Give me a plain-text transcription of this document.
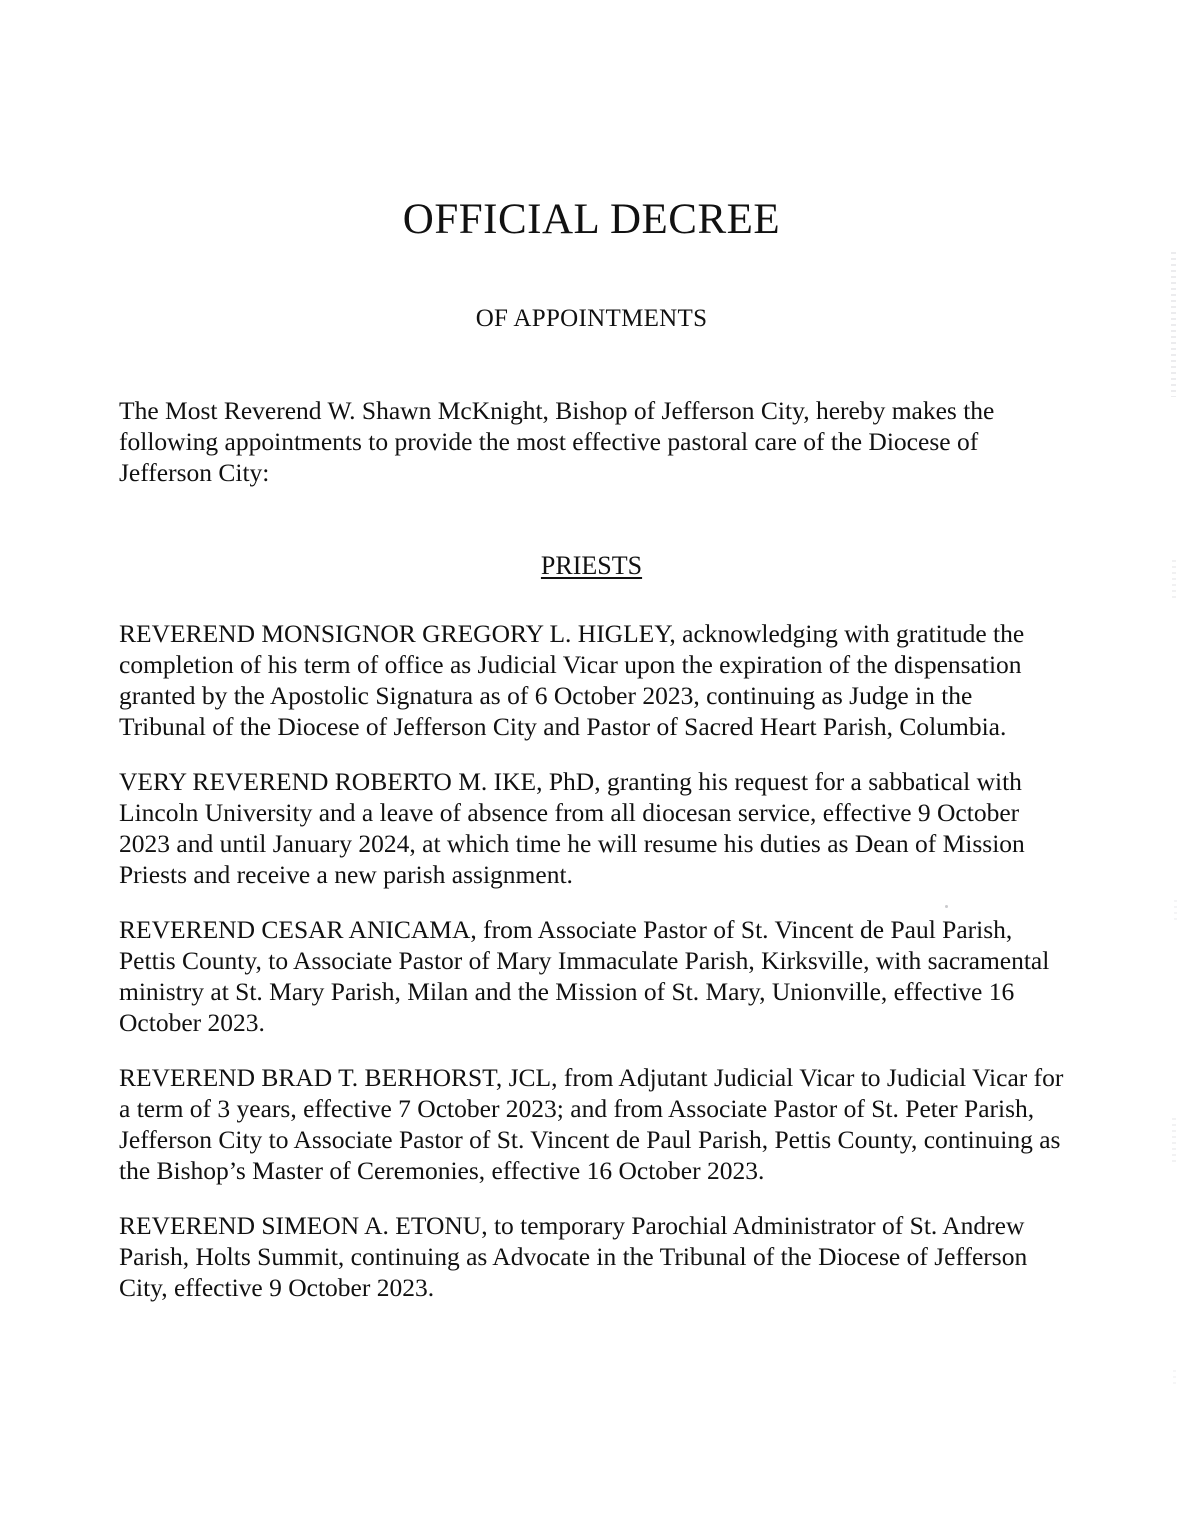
OFFICIAL DECREE
OF APPOINTMENTS

The Most Reverend W. Shawn McKnight, Bishop of Jefferson City, hereby makes the following appointments to provide the most effective pastoral care of the Diocese of Jefferson City:

PRIESTS

REVEREND MONSIGNOR GREGORY L. HIGLEY, acknowledging with gratitude the completion of his term of office as Judicial Vicar upon the expiration of the dispensation granted by the Apostolic Signatura as of 6 October 2023, continuing as Judge in the Tribunal of the Diocese of Jefferson City and Pastor of Sacred Heart Parish, Columbia.

VERY REVEREND ROBERTO M. IKE, PhD, granting his request for a sabbatical with Lincoln University and a leave of absence from all diocesan service, effective 9 October 2023 and until January 2024, at which time he will resume his duties as Dean of Mission Priests and receive a new parish assignment.

REVEREND CESAR ANICAMA, from Associate Pastor of St. Vincent de Paul Parish, Pettis County, to Associate Pastor of Mary Immaculate Parish, Kirksville, with sacramental ministry at St. Mary Parish, Milan and the Mission of St. Mary, Unionville, effective 16 October 2023.

REVEREND BRAD T. BERHORST, JCL, from Adjutant Judicial Vicar to Judicial Vicar for a term of 3 years, effective 7 October 2023; and from Associate Pastor of St. Peter Parish, Jefferson City to Associate Pastor of St. Vincent de Paul Parish, Pettis County, continuing as the Bishop’s Master of Ceremonies, effective 16 October 2023.

REVEREND SIMEON A. ETONU, to temporary Parochial Administrator of St. Andrew Parish, Holts Summit, continuing as Advocate in the Tribunal of the Diocese of Jefferson City, effective 9 October 2023.
